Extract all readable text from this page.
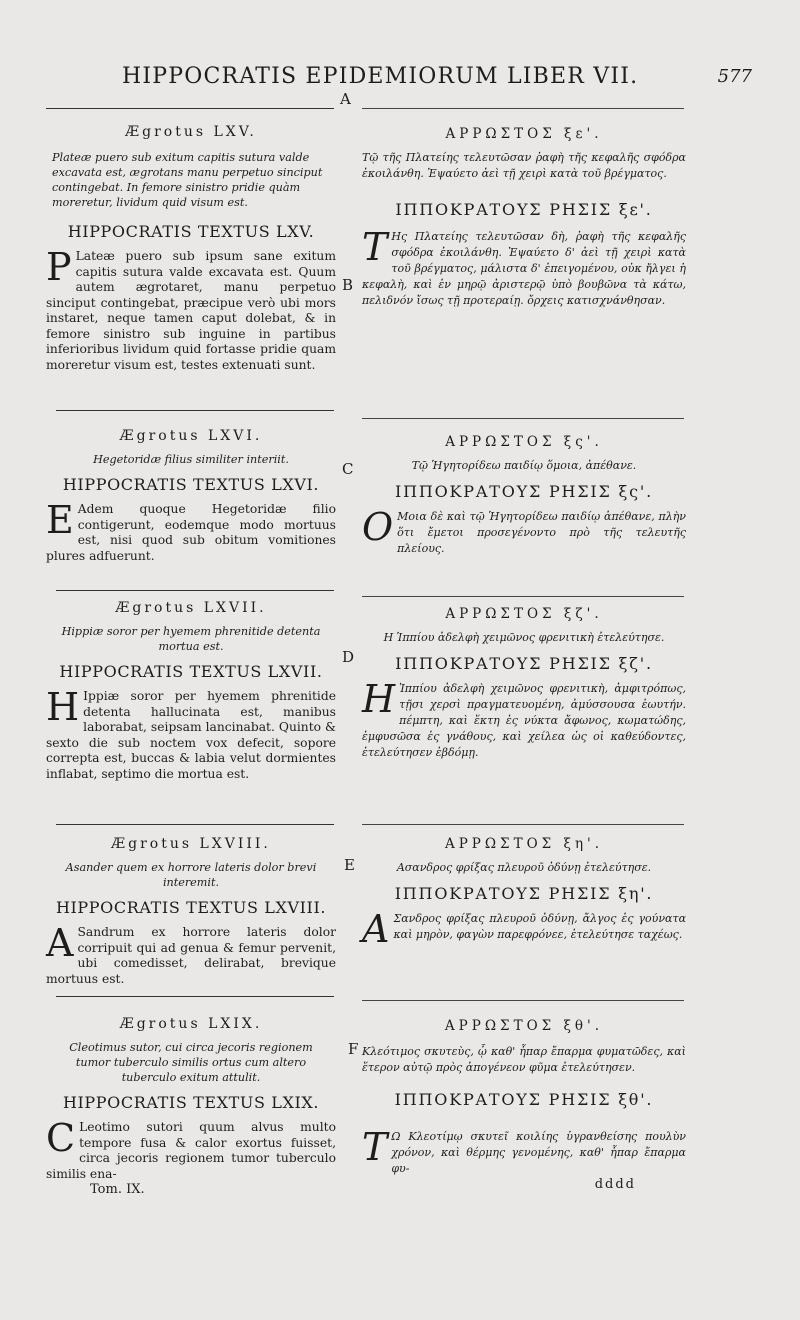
HIPPOCRATIS EPIDEMIORUM LIBER VII.	577
A
B
C
D
E
F
Ægrotus LXV.
Plateæ puero sub exitum capitis sutura valde excavata est, ægrotans manu perpetuo sinciput contingebat. In femore sinistro pridie quàm moreretur, lividum quid visum est.
HIPPOCRATIS TEXTUS LXV.
P Lateæ puero sub ipsum sane exitum capitis sutura valde excavata est. Quum autem ægrotaret, manu perpetuo sinciput contingebat, præcipue verò ubi mors instaret, neque tamen caput dolebat, & in femore sinistro sub inguine in partibus inferioribus lividum quid fortasse pridie quam moreretur visum est, testes extenuati sunt.
Ægrotus LXVI.
Hegetoridæ filius similiter interiit.
HIPPOCRATIS TEXTUS LXVI.
E Adem quoque Hegetoridæ filio contigerunt, eodemque modo mortuus est, nisi quod sub obitum vomitiones plures adfuerunt.
Ægrotus LXVII.
Hippiæ soror per hyemem phrenitide detenta mortua est.
HIPPOCRATIS TEXTUS LXVII.
H Ippiæ soror per hyemem phrenitide detenta hallucinata est, manibus laborabat, seipsam lancinabat. Quinto & sexto die sub noctem vox defecit, sopore correpta est, buccas & labia velut dormientes inflabat, septimo die mortua est.
Ægrotus LXVIII.
Asander quem ex horrore lateris dolor brevi interemit.
HIPPOCRATIS TEXTUS LXVIII.
A Sandrum ex horrore lateris dolor corripuit qui ad genua & femur pervenit, ubi comedisset, delirabat, brevique mortuus est.
Ægrotus LXIX.
Cleotimus sutor, cui circa jecoris regionem tumor tuberculo similis ortus cum altero tuberculo exitum attulit.
HIPPOCRATIS TEXTUS LXIX.
C Leotimo sutori quum alvus multo tempore fusa & calor exortus fuisset, circa jecoris regionem tumor tuberculo similis ena-
Tom. IX.
ΑΡΡΩΣΤΟΣ ξε'.
Τῷ τῆς Πλατείης τελευτῶσαν ῥαφὴ τῆς κεφαλῆς σφόδρα ἐκοιλάνθη. Ἐψαύετο ἀεὶ τῇ χειρὶ κατὰ τοῦ βρέγματος.
ΙΠΠΟΚΡΑΤΟΥΣ ΡΗΣΙΣ ξε'.
Τ Ης Πλατείης τελευτῶσαν δὴ, ῥαφὴ τῆς κεφαλῆς σφόδρα ἐκοιλάνθη. Ἐψαύετο δ' ἀεὶ τῇ χειρὶ κατὰ τοῦ βρέγματος, μάλιστα δ' ἐπειγομένου, οὐκ ἤλγει ἡ κεφαλὴ, καὶ ἐν μηρῷ ἀριστερῷ ὑπὸ βουβῶνα τὰ κάτω, πελιδνόν ἴσως τῇ προτεραίῃ. ὄρχεις κατισχνάνθησαν.
ΑΡΡΩΣΤΟΣ ξς'.
Τῷ Ἡγητορίδεω παιδίῳ ὅμοια, ἀπέθανε.
ΙΠΠΟΚΡΑΤΟΥΣ ΡΗΣΙΣ ξς'.
Ο Μοια δὲ καὶ τῷ Ἡγητορίδεω παιδίῳ ἀπέθανε, πλὴν ὅτι ἔμετοι προσεγένοντο πρὸ τῆς τελευτῆς πλείους.
ΑΡΡΩΣΤΟΣ ξζ'.
Η Ἱππίου ἀδελφὴ χειμῶνος φρενιτικὴ ἐτελεύτησε.
ΙΠΠΟΚΡΑΤΟΥΣ ΡΗΣΙΣ ξζ'.
Η Ἱππίου ἀδελφὴ χειμῶνος φρενιτικὴ, ἀμφιτρόπως, τῇσι χερσὶ πραγματευομένη, ἀμύσσουσα ἑωυτήν. πέμπτη, καὶ ἕκτη ἐς νύκτα ἄφωνος, κωματώδης, ἐμφυσῶσα ἐς γνάθους, καὶ χείλεα ὡς οἱ καθεύδοντες, ἐτελεύτησεν ἑβδόμῃ.
ΑΡΡΩΣΤΟΣ ξη'.
Ασανδρος φρίξας πλευροῦ ὀδύνῃ ἐτελεύτησε.
ΙΠΠΟΚΡΑΤΟΥΣ ΡΗΣΙΣ ξη'.
Α Σανδρος φρίξας πλευροῦ ὀδύνῃ, ἄλγος ἐς γούνατα καὶ μηρὸν, φαγὼν παρεφρόνεε, ἐτελεύτησε ταχέως.
ΑΡΡΩΣΤΟΣ ξθ'.
Κλεότιμος σκυτεὺς, ᾧ καθ' ἧπαρ ἔπαρμα φυματῶδες, καὶ ἕτερον αὐτῷ πρὸς ἀπογένεον φῦμα ἐτελεύτησεν.
ΙΠΠΟΚΡΑΤΟΥΣ ΡΗΣΙΣ ξθ'.
Τ Ω Κλεοτίμῳ σκυτεῖ κοιλίης ὑγρανθείσης πουλὺν χρόνον, καὶ θέρμης γενομένης, καθ' ἧπαρ ἔπαρμα φυ-
dddd
